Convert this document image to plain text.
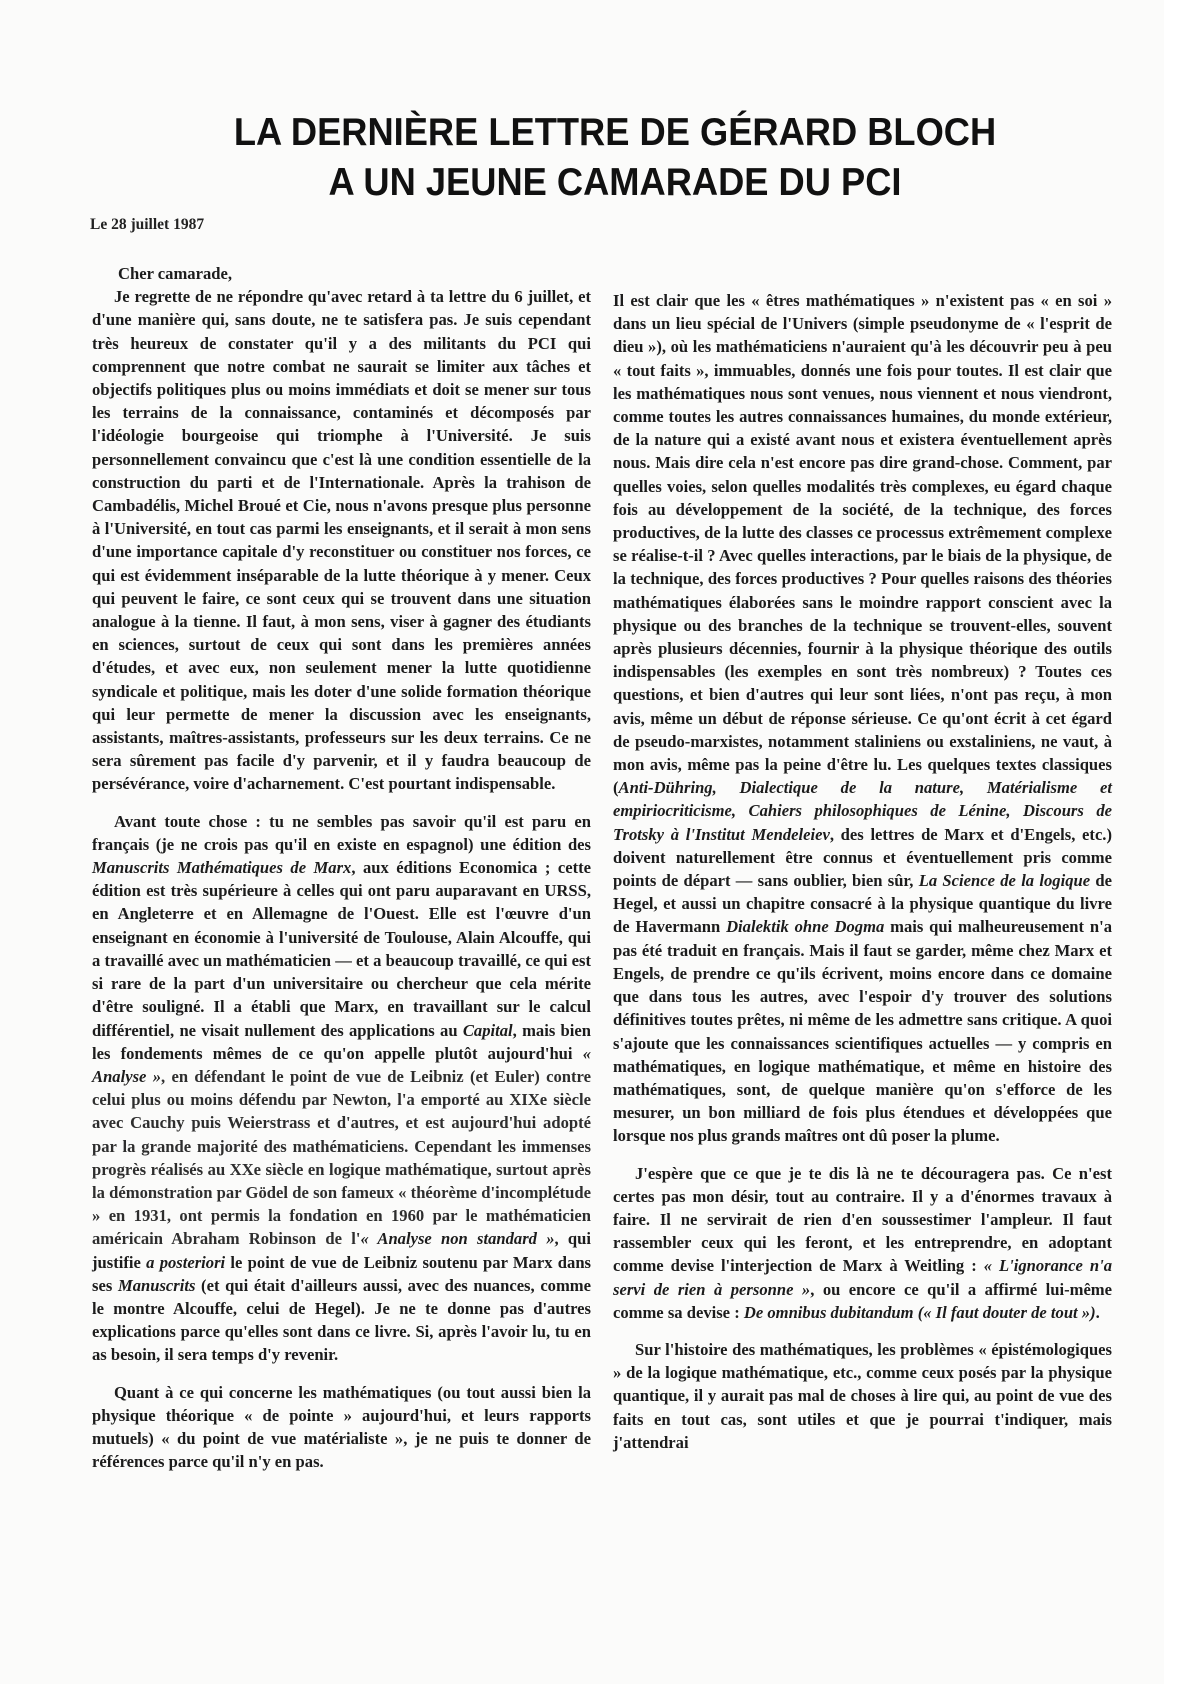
LA DERNIÈRE LETTRE DE GÉRARD BLOCH
A UN JEUNE CAMARADE DU PCI
Le 28 juillet 1987

Cher camarade,

Je regrette de ne répondre qu'avec retard à ta lettre du 6 juillet, et d'une manière qui, sans doute, ne te satisfera pas. Je suis cependant très heureux de constater qu'il y a des militants du PCI qui comprennent que notre combat ne saurait se limiter aux tâches et objectifs politiques plus ou moins immédiats et doit se mener sur tous les terrains de la connaissance, contaminés et décomposés par l'idéologie bourgeoise qui triomphe à l'Université. Je suis personnellement convaincu que c'est là une condition essentielle de la construction du parti et de l'Internationale. Après la trahison de Cambadélis, Michel Broué et Cie, nous n'avons presque plus personne à l'Université, en tout cas parmi les enseignants, et il serait à mon sens d'une importance capitale d'y reconstituer ou constituer nos forces, ce qui est évidemment inséparable de la lutte théorique à y mener. Ceux qui peuvent le faire, ce sont ceux qui se trouvent dans une situation analogue à la tienne. Il faut, à mon sens, viser à gagner des étudiants en sciences, surtout de ceux qui sont dans les premières années d'études, et avec eux, non seulement mener la lutte quotidienne syndicale et politique, mais les doter d'une solide formation théorique qui leur permette de mener la discussion avec les enseignants, assistants, maîtres-assistants, professeurs sur les deux terrains. Ce ne sera sûrement pas facile d'y parvenir, et il y faudra beaucoup de persévérance, voire d'acharnement. C'est pourtant indispensable.

Avant toute chose : tu ne sembles pas savoir qu'il est paru en français (je ne crois pas qu'il en existe en espagnol) une édition des Manuscrits Mathématiques de Marx, aux éditions Economica ; cette édition est très supérieure à celles qui ont paru auparavant en URSS, en Angleterre et en Allemagne de l'Ouest. Elle est l'œuvre d'un enseignant en économie à l'université de Toulouse, Alain Alcouffe, qui a travaillé avec un mathématicien — et a beaucoup travaillé, ce qui est si rare de la part d'un universitaire ou chercheur que cela mérite d'être souligné. Il a établi que Marx, en travaillant sur le calcul différentiel, ne visait nullement des applications au Capital, mais bien les fondements mêmes de ce qu'on appelle plutôt aujourd'hui « Analyse », en défendant le point de vue de Leibniz (et Euler) contre celui plus ou moins défendu par Newton, l'a emporté au XIXe siècle avec Cauchy puis Weierstrass et d'autres, et est aujourd'hui adopté par la grande majorité des mathématiciens. Cependant les immenses progrès réalisés au XXe siècle en logique mathématique, surtout après la démonstration par Gödel de son fameux « théorème d'incomplétude » en 1931, ont permis la fondation en 1960 par le mathématicien américain Abraham Robinson de l'« Analyse non standard », qui justifie a posteriori le point de vue de Leibniz soutenu par Marx dans ses Manuscrits (et qui était d'ailleurs aussi, avec des nuances, comme le montre Alcouffe, celui de Hegel). Je ne te donne pas d'autres explications parce qu'elles sont dans ce livre. Si, après l'avoir lu, tu en as besoin, il sera temps d'y revenir.

Quant à ce qui concerne les mathématiques (ou tout aussi bien la physique théorique « de pointe » aujourd'hui, et leurs rapports mutuels) « du point de vue matérialiste », je ne puis te donner de références parce qu'il n'y en pas.

Il est clair que les « êtres mathématiques » n'existent pas « en soi » dans un lieu spécial de l'Univers (simple pseudonyme de « l'esprit de dieu »), où les mathématiciens n'auraient qu'à les découvrir peu à peu « tout faits », immuables, donnés une fois pour toutes. Il est clair que les mathématiques nous sont venues, nous viennent et nous viendront, comme toutes les autres connaissances humaines, du monde extérieur, de la nature qui a existé avant nous et existera éventuellement après nous. Mais dire cela n'est encore pas dire grand-chose. Comment, par quelles voies, selon quelles modalités très complexes, eu égard chaque fois au développement de la société, de la technique, des forces productives, de la lutte des classes ce processus extrêmement complexe se réalise-t-il ? Avec quelles interactions, par le biais de la physique, de la technique, des forces productives ? Pour quelles raisons des théories mathématiques élaborées sans le moindre rapport conscient avec la physique ou des branches de la technique se trouvent-elles, souvent après plusieurs décennies, fournir à la physique théorique des outils indispensables (les exemples en sont très nombreux) ? Toutes ces questions, et bien d'autres qui leur sont liées, n'ont pas reçu, à mon avis, même un début de réponse sérieuse. Ce qu'ont écrit à cet égard de pseudo-marxistes, notamment staliniens ou exstaliniens, ne vaut, à mon avis, même pas la peine d'être lu. Les quelques textes classiques (Anti-Dühring, Dialectique de la nature, Matérialisme et empiriocriticisme, Cahiers philosophiques de Lénine, Discours de Trotsky à l'Institut Mendeleiev, des lettres de Marx et d'Engels, etc.) doivent naturellement être connus et éventuellement pris comme points de départ — sans oublier, bien sûr, La Science de la logique de Hegel, et aussi un chapitre consacré à la physique quantique du livre de Havermann Dialektik ohne Dogma mais qui malheureusement n'a pas été traduit en français. Mais il faut se garder, même chez Marx et Engels, de prendre ce qu'ils écrivent, moins encore dans ce domaine que dans tous les autres, avec l'espoir d'y trouver des solutions définitives toutes prêtes, ni même de les admettre sans critique. A quoi s'ajoute que les connaissances scientifiques actuelles — y compris en mathématiques, en logique mathématique, et même en histoire des mathématiques, sont, de quelque manière qu'on s'efforce de les mesurer, un bon milliard de fois plus étendues et développées que lorsque nos plus grands maîtres ont dû poser la plume.

J'espère que ce que je te dis là ne te découragera pas. Ce n'est certes pas mon désir, tout au contraire. Il y a d'énormes travaux à faire. Il ne servirait de rien d'en soussestimer l'ampleur. Il faut rassembler ceux qui les feront, et les entreprendre, en adoptant comme devise l'interjection de Marx à Weitling : « L'ignorance n'a servi de rien à personne », ou encore ce qu'il a affirmé lui-même comme sa devise : De omnibus dubitandum (« Il faut douter de tout »).

Sur l'histoire des mathématiques, les problèmes « épistémologiques » de la logique mathématique, etc., comme ceux posés par la physique quantique, il y aurait pas mal de choses à lire qui, au point de vue des faits en tout cas, sont utiles et que je pourrai t'indiquer, mais j'attendrai
